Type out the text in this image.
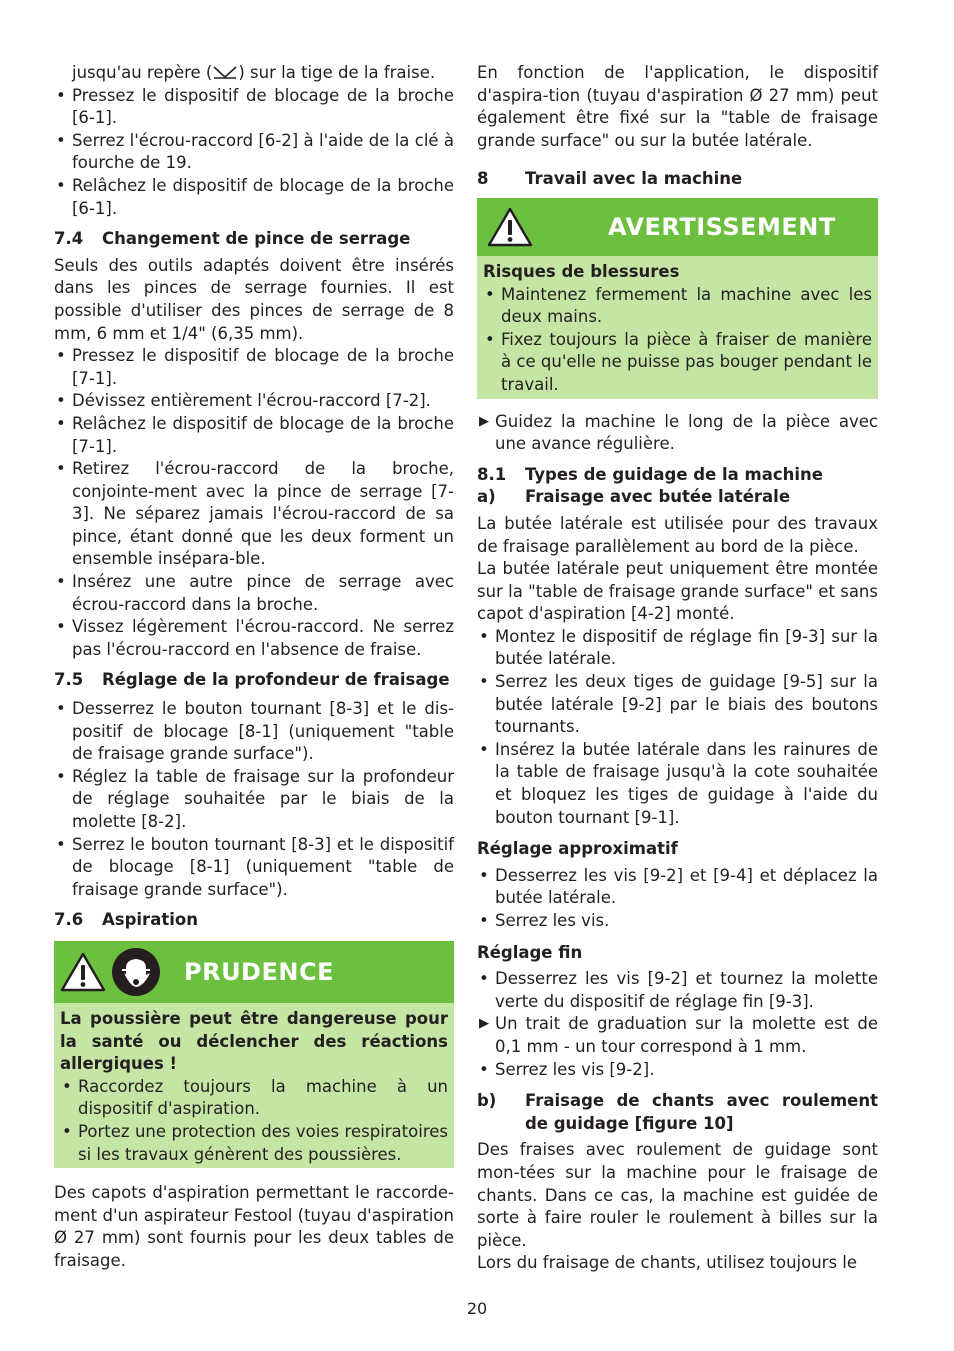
jusqu'au repère ( ) sur la tige de la fraise.

• Pressez le dispositif de blocage de la broche [6-1].
• Serrez l'écrou-raccord [6-2] à l'aide de la clé à fourche de 19.
• Relâchez le dispositif de blocage de la broche [6-1].
7.4	Changement de pince de serrage

Seuls des outils adaptés doivent être insérés dans les pinces de serrage fournies. Il est possible d'utiliser des pinces de serrage de 8 mm, 6 mm et 1/4" (6,35 mm).

• Pressez le dispositif de blocage de la broche [7-1].
• Dévissez entièrement l'écrou-raccord [7-2].
• Relâchez le dispositif de blocage de la broche [7-1].
• Retirez l'écrou-raccord de la broche, conjointe-ment avec la pince de serrage [7-3]. Ne séparez jamais l'écrou-raccord de sa pince, étant donné que les deux forment un ensemble insépara-ble.
• Insérez une autre pince de serrage avec écrou-raccord dans la broche.
• Vissez légèrement l'écrou-raccord. Ne serrez pas l'écrou-raccord en l'absence de fraise.
7.5	Réglage de la profondeur de fraisage
• Desserrez le bouton tournant [8-3] et le dis-positif de blocage [8-1] (uniquement "table de fraisage grande surface").
• Réglez la table de fraisage sur la profondeur de réglage souhaitée par le biais de la molette [8-2].
• Serrez le bouton tournant [8-3] et le dispositif de blocage [8-1] (uniquement "table de fraisage grande surface").
7.6	Aspiration
PRUDENCE

La poussière peut être dangereuse pour la santé ou déclencher des réactions allergiques !

• Raccordez toujours la machine à un dispositif d'aspiration.
• Portez une protection des voies respiratoires si les travaux génèrent des poussières.

Des capots d'aspiration permettant le raccorde-ment d'un aspirateur Festool (tuyau d'aspiration Ø 27 mm) sont fournis pour les deux tables de fraisage.

En fonction de l'application, le dispositif d'aspira-tion (tuyau d'aspiration Ø 27 mm) peut également être fixé sur la "table de fraisage grande surface" ou sur la butée latérale.

8	Travail avec la machine
AVERTISSEMENT

Risques de blessures

• Maintenez fermement la machine avec les deux mains.
• Fixez toujours la pièce à fraiser de manière à ce qu'elle ne puisse pas bouger pendant le travail.

▶ Guidez la machine le long de la pièce avec une avance régulière.

8.1	Types de guidage de la machine
a)	Fraisage avec butée latérale

La butée latérale est utilisée pour des travaux de fraisage parallèlement au bord de la pièce.

La butée latérale peut uniquement être montée sur la "table de fraisage grande surface" et sans capot d'aspiration [4-2] monté.

• Montez le dispositif de réglage fin [9-3] sur la butée latérale.
• Serrez les deux tiges de guidage [9-5] sur la butée latérale [9-2] par le biais des boutons tournants.
• Insérez la butée latérale dans les rainures de la table de fraisage jusqu'à la cote souhaitée et bloquez les tiges de guidage à l'aide du bouton tournant [9-1].

Réglage approximatif

• Desserrez les vis [9-2] et [9-4] et déplacez la butée latérale.
• Serrez les vis.

Réglage fin

• Desserrez les vis [9-2] et tournez la molette verte du dispositif de réglage fin [9-3].

▶ Un trait de graduation sur la molette est de 0,1 mm - un tour correspond à 1 mm.

• Serrez les vis [9-2].
b)	Fraisage de chants avec roulement de guidage [figure 10]

Des fraises avec roulement de guidage sont mon-tées sur la machine pour le fraisage de chants. Dans ce cas, la machine est guidée de sorte à faire rouler le roulement à billes sur la pièce.

Lors du fraisage de chants, utilisez toujours le

20
